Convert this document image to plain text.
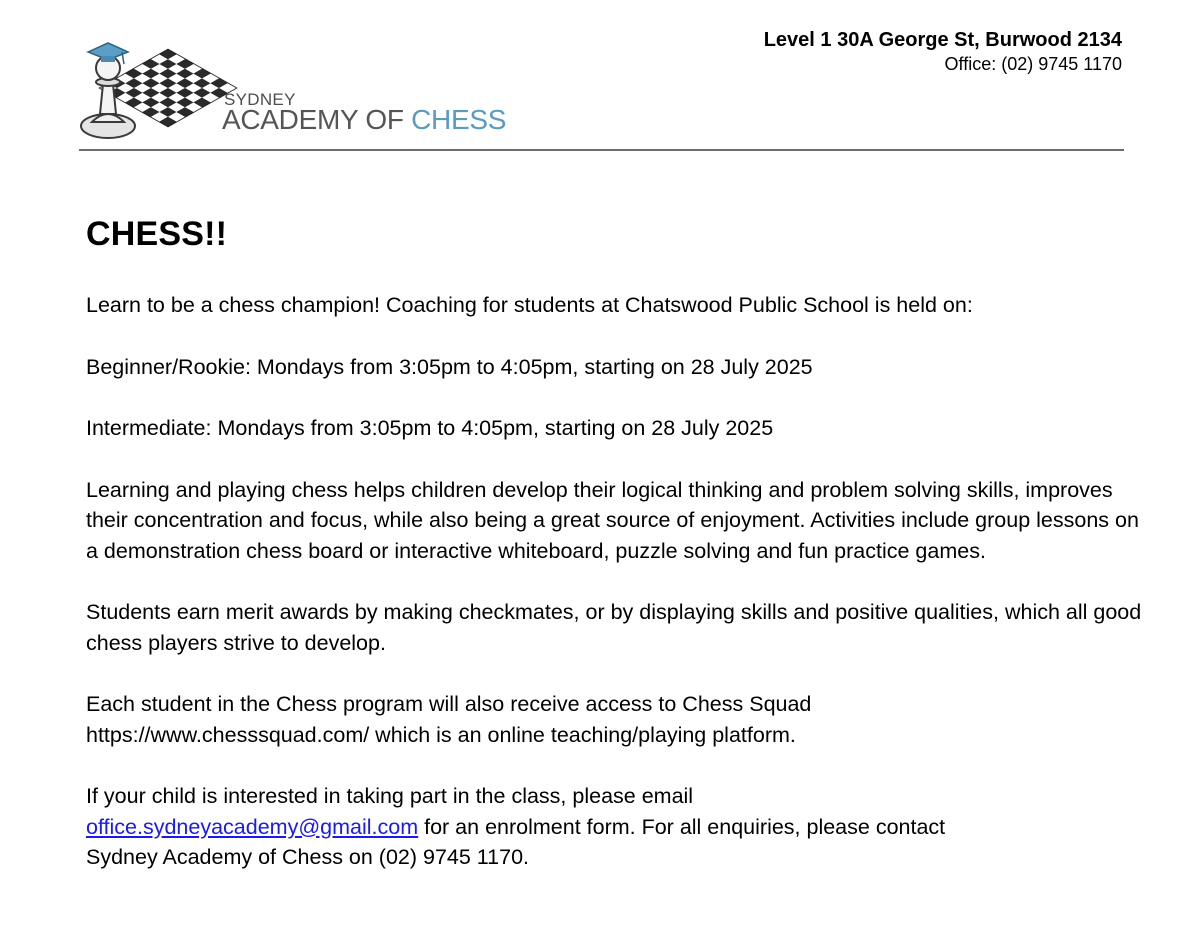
SYDNEY
ACADEMY OF CHESS
Level 1 30A George St, Burwood 2134
Office: (02) 9745 1170
CHESS!!

Learn to be a chess champion! Coaching for students at Chatswood Public School is held on:

Beginner/Rookie: Mondays from 3:05pm to 4:05pm, starting on 28 July 2025

Intermediate: Mondays from 3:05pm to 4:05pm, starting on 28 July 2025

Learning and playing chess helps children develop their logical thinking and problem solving skills, improves their concentration and focus, while also being a great source of enjoyment. Activities include group lessons on a demonstration chess board or interactive whiteboard, puzzle solving and fun practice games.

Students earn merit awards by making checkmates, or by displaying skills and positive qualities, which all good chess players strive to develop.

Each student in the Chess program will also receive access to Chess Squad
https://www.chesssquad.com/ which is an online teaching/playing platform.

If your child is interested in taking part in the class, please email
office.sydneyacademy@gmail.com for an enrolment form. For all enquiries, please contact
Sydney Academy of Chess on (02) 9745 1170.
